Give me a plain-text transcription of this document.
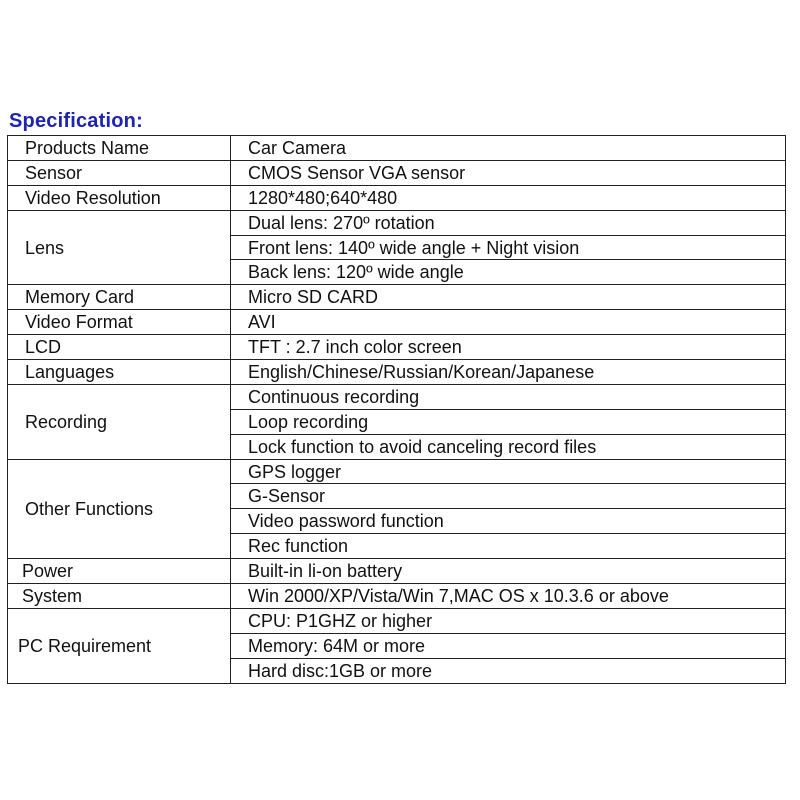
Specification:
Products Name	Car Camera
Sensor	CMOS Sensor VGA sensor
Video Resolution	1280*480;640*480
Lens	Dual lens: 270º rotation
	Front lens: 140º wide angle + Night vision
	Back lens: 120º wide angle
Memory Card	Micro SD CARD
Video Format	AVI
LCD	TFT : 2.7 inch color screen
Languages	English/Chinese/Russian/Korean/Japanese
Recording	Continuous recording
	Loop recording
	Lock function to avoid canceling record files
Other Functions	GPS logger
	G-Sensor
	Video password function
	Rec function
Power	Built-in li-on battery
System	Win 2000/XP/Vista/Win 7,MAC OS x 10.3.6 or above
PC Requirement	CPU: P1GHZ or higher
	Memory: 64M or more
	Hard disc:1GB or more
